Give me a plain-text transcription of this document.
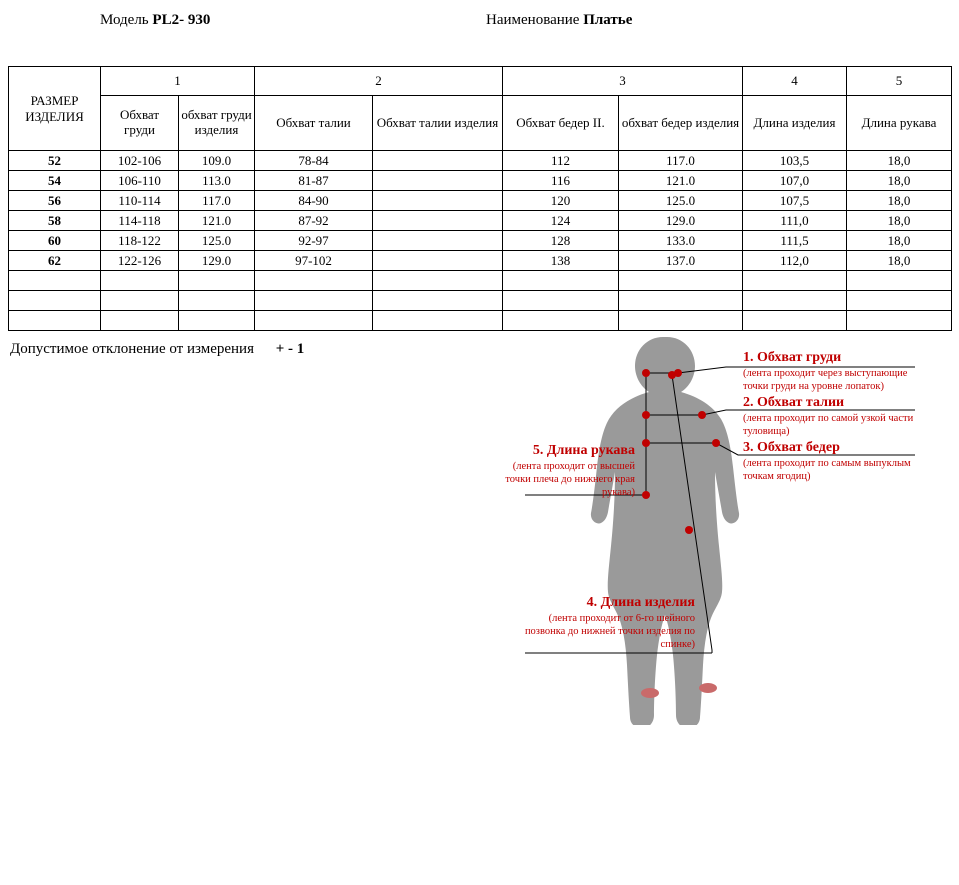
Модель PL2- 930	Наименование Платье
РАЗМЕР ИЗДЕЛИЯ	1		2		3		4	5
	Обхват груди	обхват груди изделия	Обхват талии	Обхват талии изделия	Обхват бедер II.	обхват бедер изделия	Длина изделия	Длина рукава
52	102-106	109.0	78-84		112	117.0	103,5	18,0
54	106-110	113.0	81-87		116	121.0	107,0	18,0
56	110-114	117.0	84-90		120	125.0	107,5	18,0
58	114-118	121.0	87-92		124	129.0	111,0	18,0
60	118-122	125.0	92-97		128	133.0	111,5	18,0
62	122-126	129.0	97-102		138	137.0	112,0	18,0

Допустимое отклонение от измерения + - 1
1. Обхват груди
(лента проходит через выступающие точки груди на уровне лопаток)
2. Обхват талии
(лента проходит по самой узкой части туловища)
3. Обхват бедер
(лента проходит по самым выпуклым точкам ягодиц)
5. Длина рукава
(лента проходит от высшей точки плеча до нижнего края рукава)
4. Длина изделия
(лента проходит от 6-го шейного позвонка до нижней точки изделия по спинке)
